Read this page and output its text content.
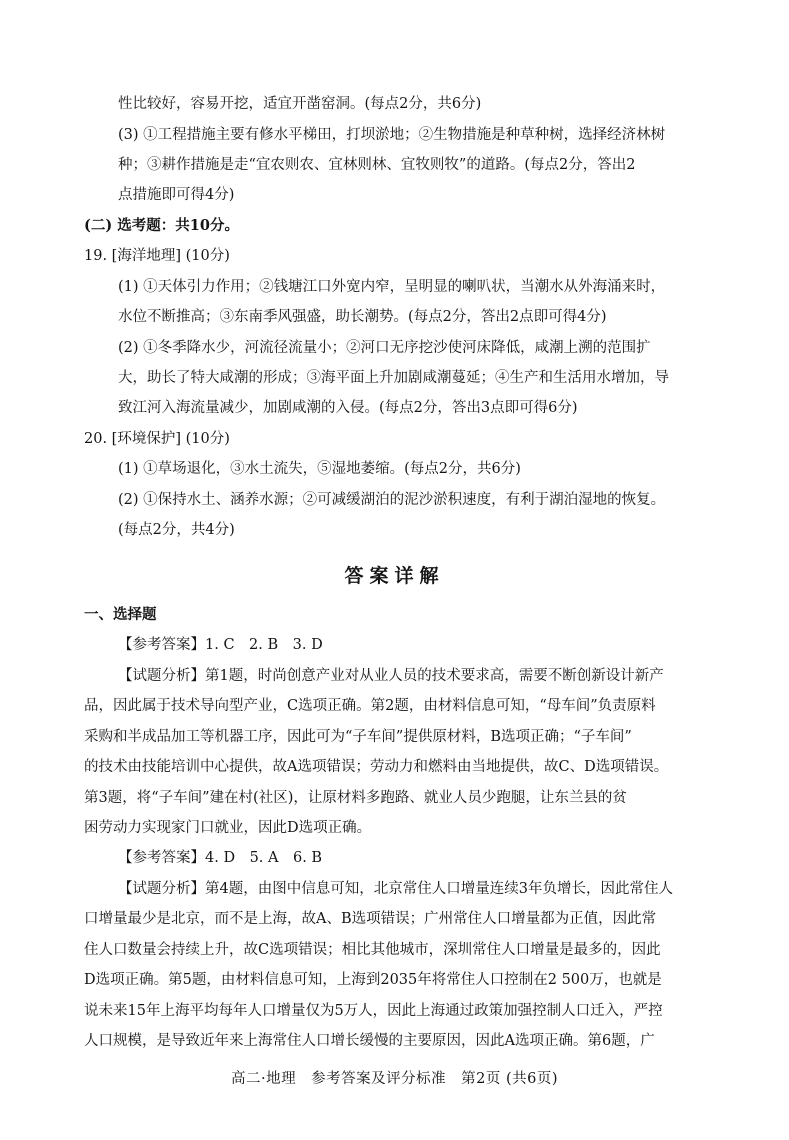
性比较好，容易开挖，适宜开凿窑洞。(每点2分，共6分)
(3) ①工程措施主要有修水平梯田，打坝淤地；②生物措施是种草种树，选择经济林树
种；③耕作措施是走“宜农则农、宜林则林、宜牧则牧”的道路。(每点2分，答出2
点措施即可得4分)
(二) 选考题：共10分。
19. [海洋地理] (10分)
(1) ①天体引力作用；②钱塘江口外宽内窄，呈明显的喇叭状，当潮水从外海涌来时，
水位不断推高；③东南季风强盛，助长潮势。(每点2分，答出2点即可得4分)
(2) ①冬季降水少，河流径流量小；②河口无序挖沙使河床降低，咸潮上溯的范围扩
大，助长了特大咸潮的形成；③海平面上升加剧咸潮蔓延；④生产和生活用水增加，导
致江河入海流量减少，加剧咸潮的入侵。(每点2分，答出3点即可得6分)
20. [环境保护] (10分)
(1) ①草场退化，③水土流失，⑤湿地萎缩。(每点2分，共6分)
(2) ①保持水土、涵养水源；②可减缓湖泊的泥沙淤积速度，有利于湖泊湿地的恢复。
(每点2分，共4分)
答案详解
一、选择题
【参考答案】1. C　2. B　3. D
【试题分析】第1题，时尚创意产业对从业人员的技术要求高，需要不断创新设计新产
品，因此属于技术导向型产业，C选项正确。第2题，由材料信息可知，“母车间”负责原料
采购和半成品加工等机器工序，因此可为“子车间”提供原材料，B选项正确；“子车间”
的技术由技能培训中心提供，故A选项错误；劳动力和燃料由当地提供，故C、D选项错误。
第3题，将“子车间”建在村(社区)，让原材料多跑路、就业人员少跑腿，让东兰县的贫
困劳动力实现家门口就业，因此D选项正确。
【参考答案】4. D　5. A　6. B
【试题分析】第4题，由图中信息可知，北京常住人口增量连续3年负增长，因此常住人
口增量最少是北京，而不是上海，故A、B选项错误；广州常住人口增量都为正值，因此常
住人口数量会持续上升，故C选项错误；相比其他城市，深圳常住人口增量是最多的，因此
D选项正确。第5题，由材料信息可知，上海到2035年将常住人口控制在2 500万，也就是
说未来15年上海平均每年人口增量仅为5万人，因此上海通过政策加强控制人口迁入，严控
人口规模，是导致近年来上海常住人口增长缓慢的主要原因，因此A选项正确。第6题，广
高二·地理　参考答案及评分标准　第2页 (共6页)
